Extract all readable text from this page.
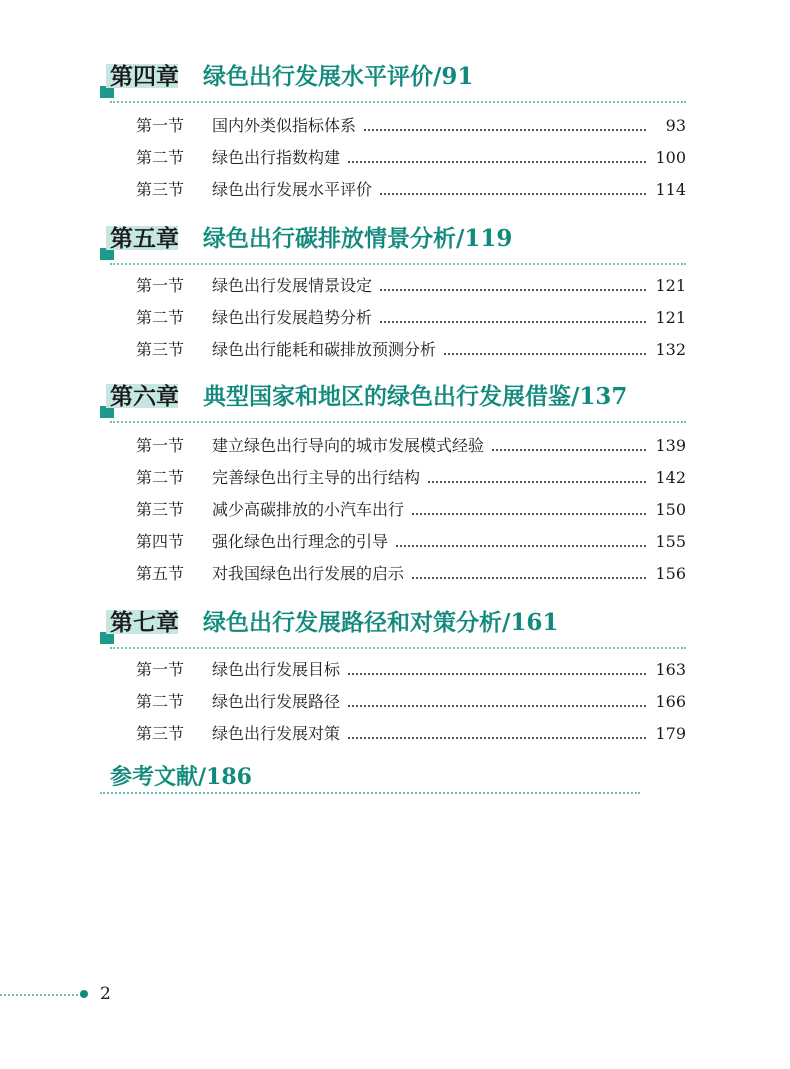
第四章 绿色出行发展水平评价/91
第一节 国内外类似指标体系	93
第二节 绿色出行指数构建	100
第三节 绿色出行发展水平评价	114
第五章 绿色出行碳排放情景分析/119
第一节 绿色出行发展情景设定	121
第二节 绿色出行发展趋势分析	121
第三节 绿色出行能耗和碳排放预测分析	132
第六章 典型国家和地区的绿色出行发展借鉴/137
第一节 建立绿色出行导向的城市发展模式经验	139
第二节 完善绿色出行主导的出行结构	142
第三节 减少高碳排放的小汽车出行	150
第四节 强化绿色出行理念的引导	155
第五节 对我国绿色出行发展的启示	156
第七章 绿色出行发展路径和对策分析/161
第一节 绿色出行发展目标	163
第二节 绿色出行发展路径	166
第三节 绿色出行发展对策	179
参考文献/186
2
